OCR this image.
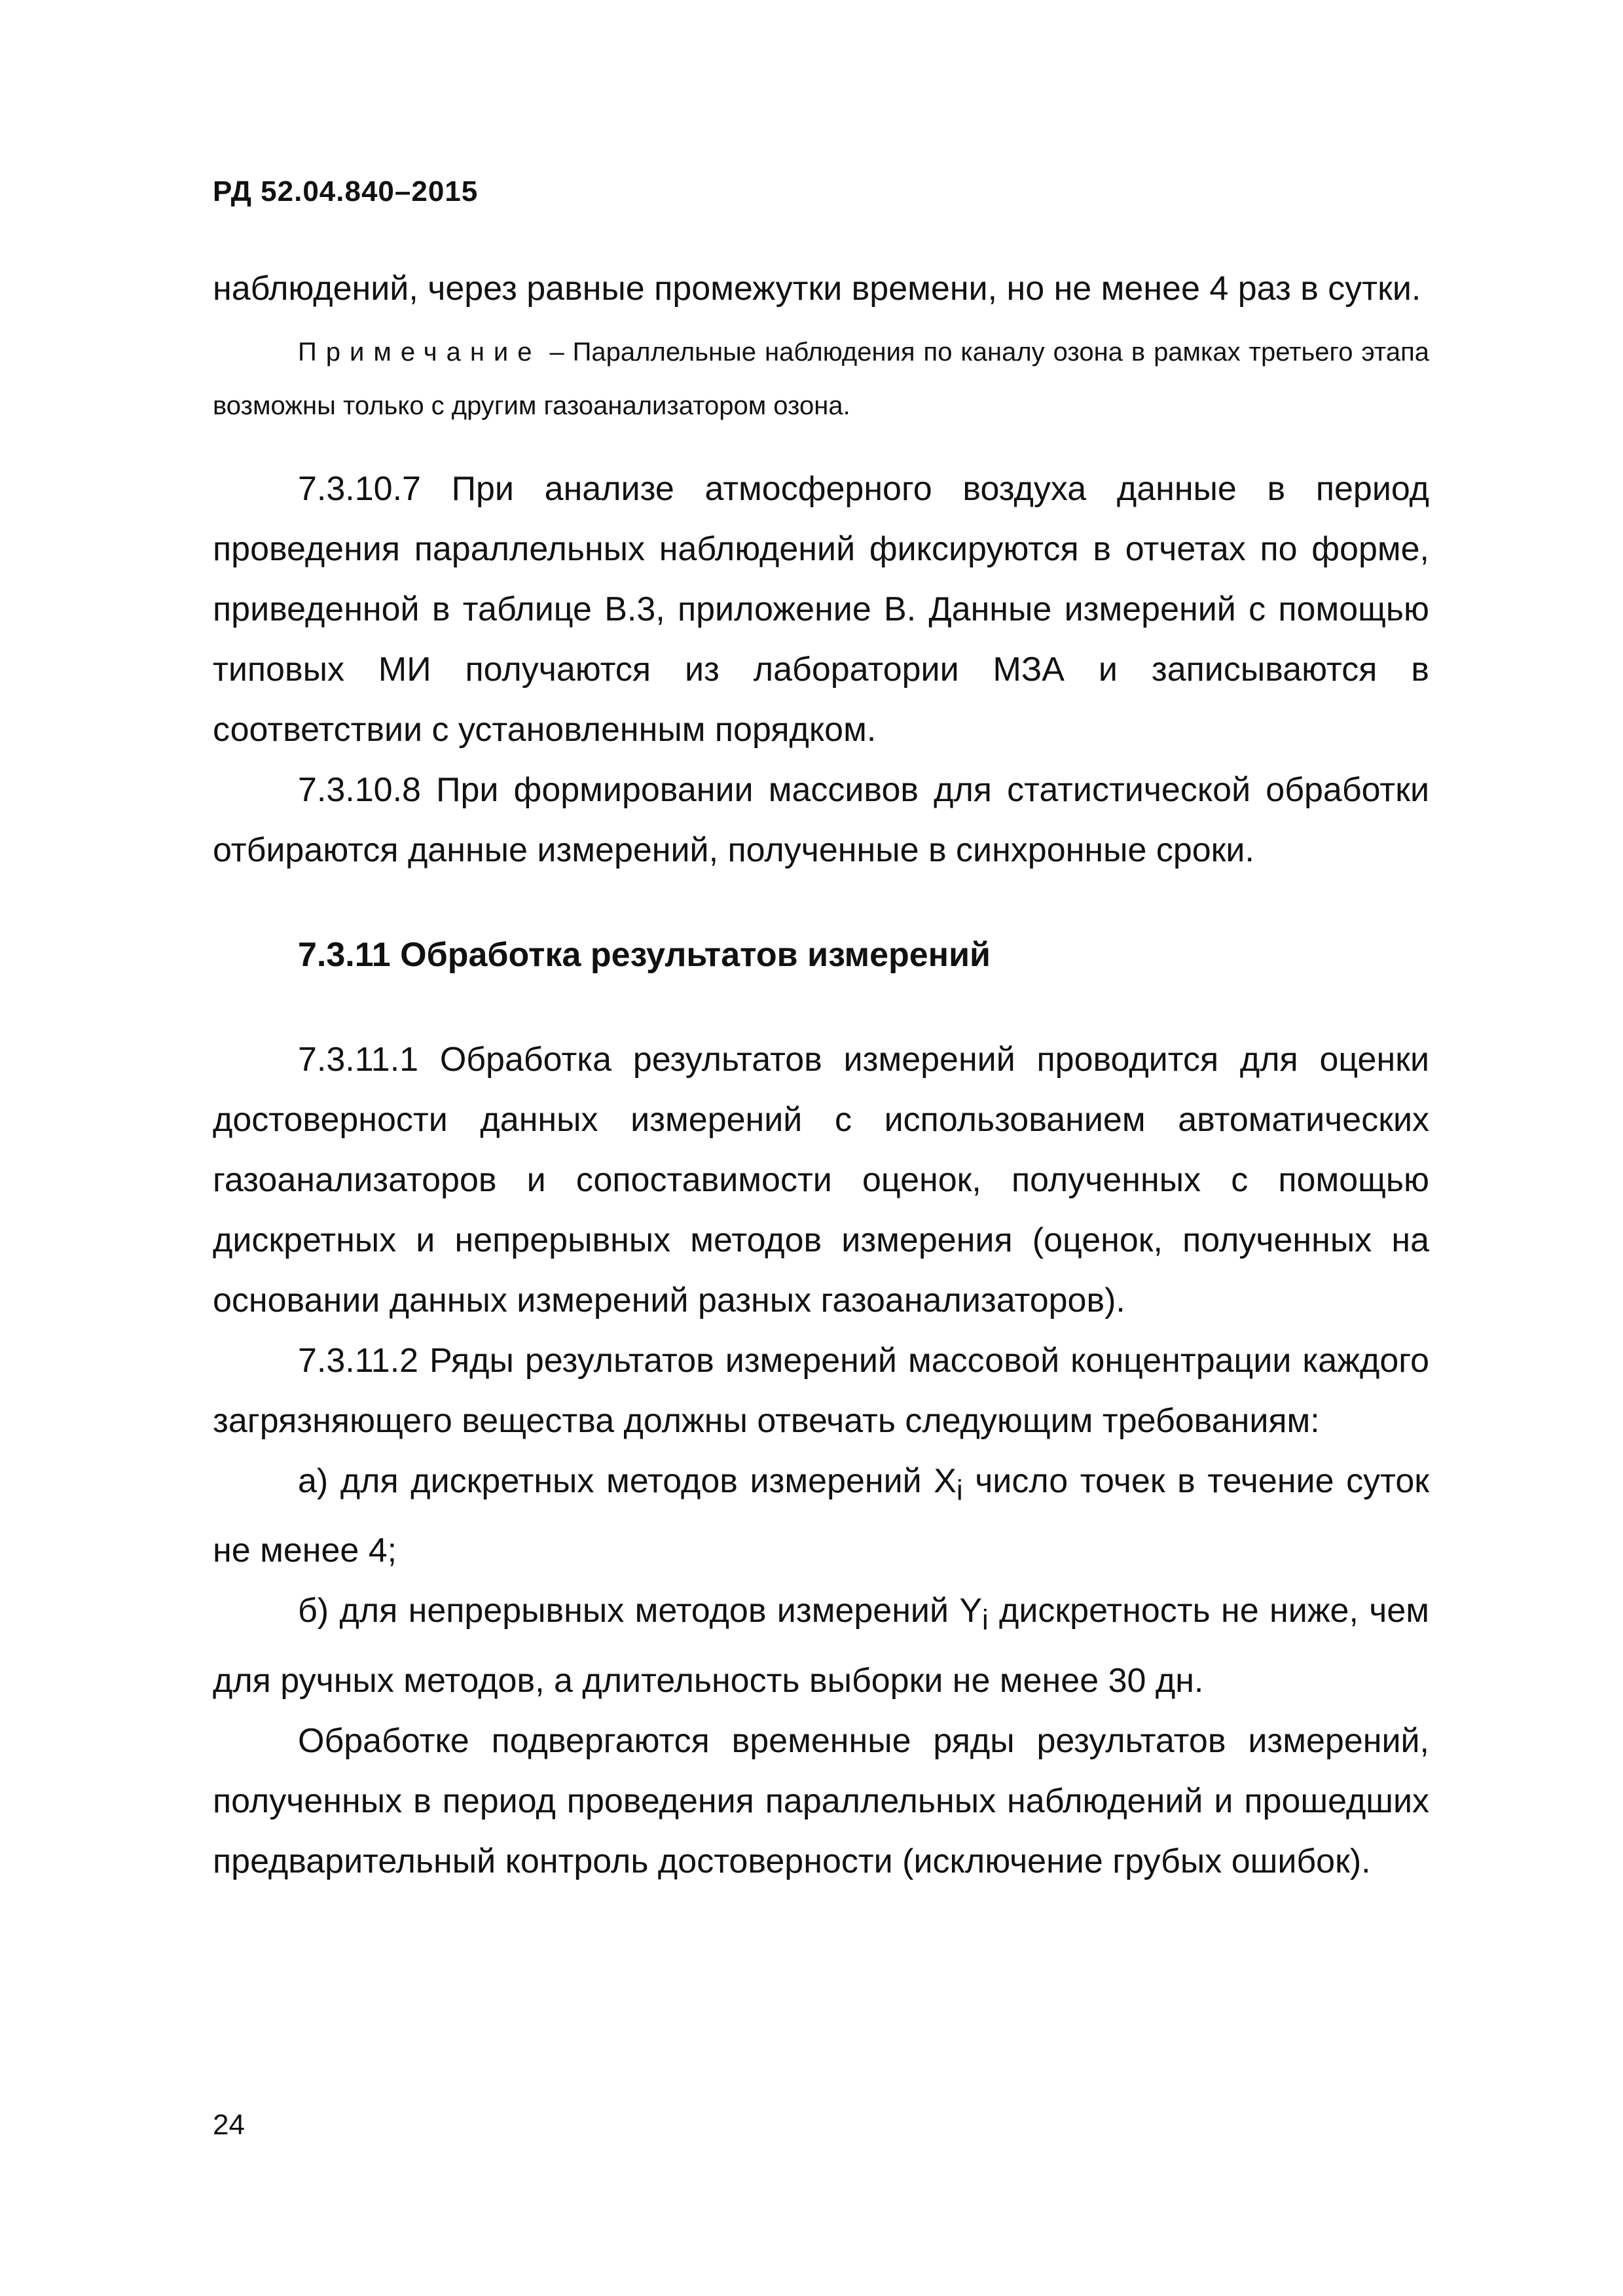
РД 52.04.840–2015

наблюдений, через равные промежутки времени, но не менее 4 раз в сутки.

Примечание – Параллельные наблюдения по каналу озона в рамках третьего этапа возможны только с другим газоанализатором озона.

7.3.10.7 При анализе атмосферного воздуха данные в период проведения параллельных наблюдений фиксируются в отчетах по форме, приведенной в таблице В.3, приложение В. Данные измерений с помощью типовых МИ получаются из лаборатории МЗА и записываются в соответствии с установленным порядком.

7.3.10.8 При формировании массивов для статистической обработки отбираются данные измерений, полученные в синхронные сроки.

7.3.11 Обработка результатов измерений

7.3.11.1 Обработка результатов измерений проводится для оценки достоверности данных измерений с использованием автоматических газоанализаторов и сопоставимости оценок, полученных с помощью дискретных и непрерывных методов измерения (оценок, полученных на основании данных измерений разных газоанализаторов).

7.3.11.2 Ряды результатов измерений массовой концентрации каждого загрязняющего вещества должны отвечать следующим требованиям:

а) для дискретных методов измерений $X_i$ число точек в течение суток не менее 4;

б) для непрерывных методов измерений $Y_i$ дискретность не ниже, чем для ручных методов, а длительность выборки не менее 30 дн.

Обработке подвергаются временные ряды результатов измерений, полученных в период проведения параллельных наблюдений и прошедших предварительный контроль достоверности (исключение грубых ошибок).

24
